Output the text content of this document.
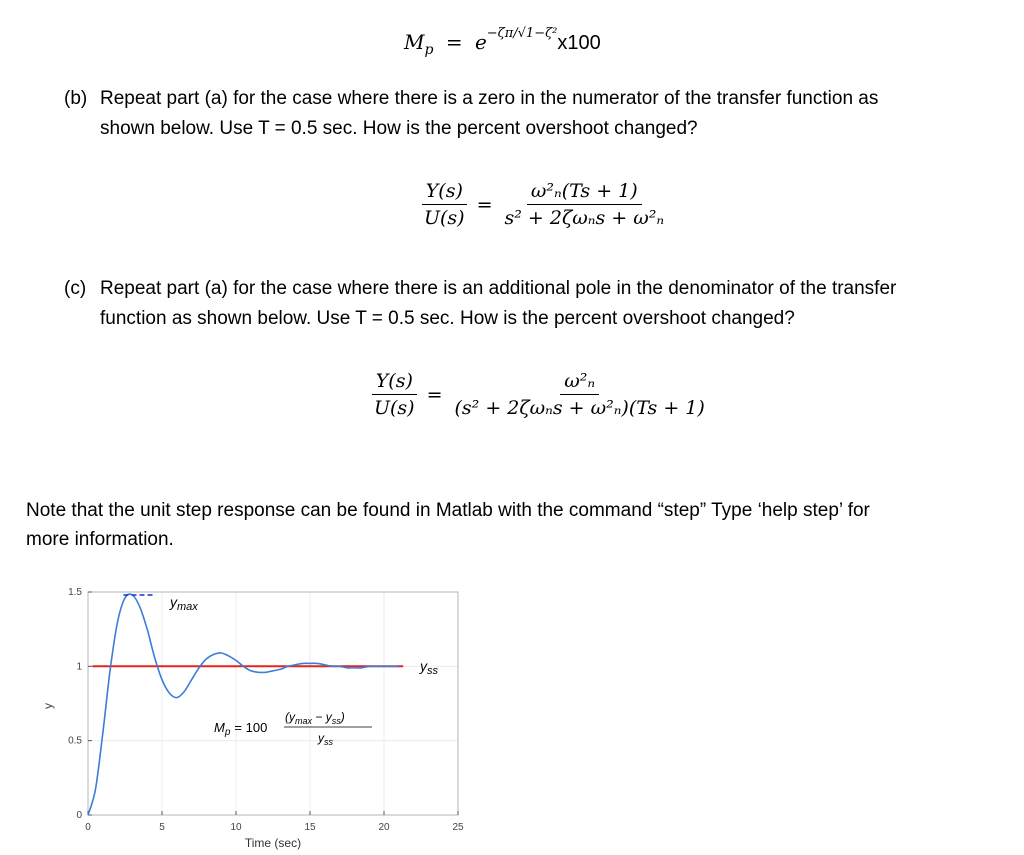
$M_p = e^{-\zeta\pi/√1-\zeta^2}x100$
(b) Repeat part (a) for the case where there is a zero in the numerator of the transfer function as
shown below. Use T = 0.5 sec. How is the percent overshoot changed?
$\frac{Y(s)}{U(s)} = \frac{\text{ω²ₙ(Ts + 1)}}{\text{s² + 2ζωₙs + ω²ₙ}}$
(c) Repeat part (a) for the case where there is an additional pole in the denominator of the transfer
function as shown below. Use T = 0.5 sec. How is the percent overshoot changed?
$\frac{Y(s)}{U(s)} = \frac{\text{ω²ₙ}}{\text{(s² + 2ζωₙs + ω²ₙ)(Ts + 1)}}$
Note that the unit step response can be found in Matlab with the command “step” Type ‘help step’ for
more information.
0	5	10	15	20	25
0
0.5
1
1.5
y
Time (sec)
$y_{max}$
$y_{ss}$
$M_p = 100$
$(y_{max} - y_{ss})$
$y_{ss}$
